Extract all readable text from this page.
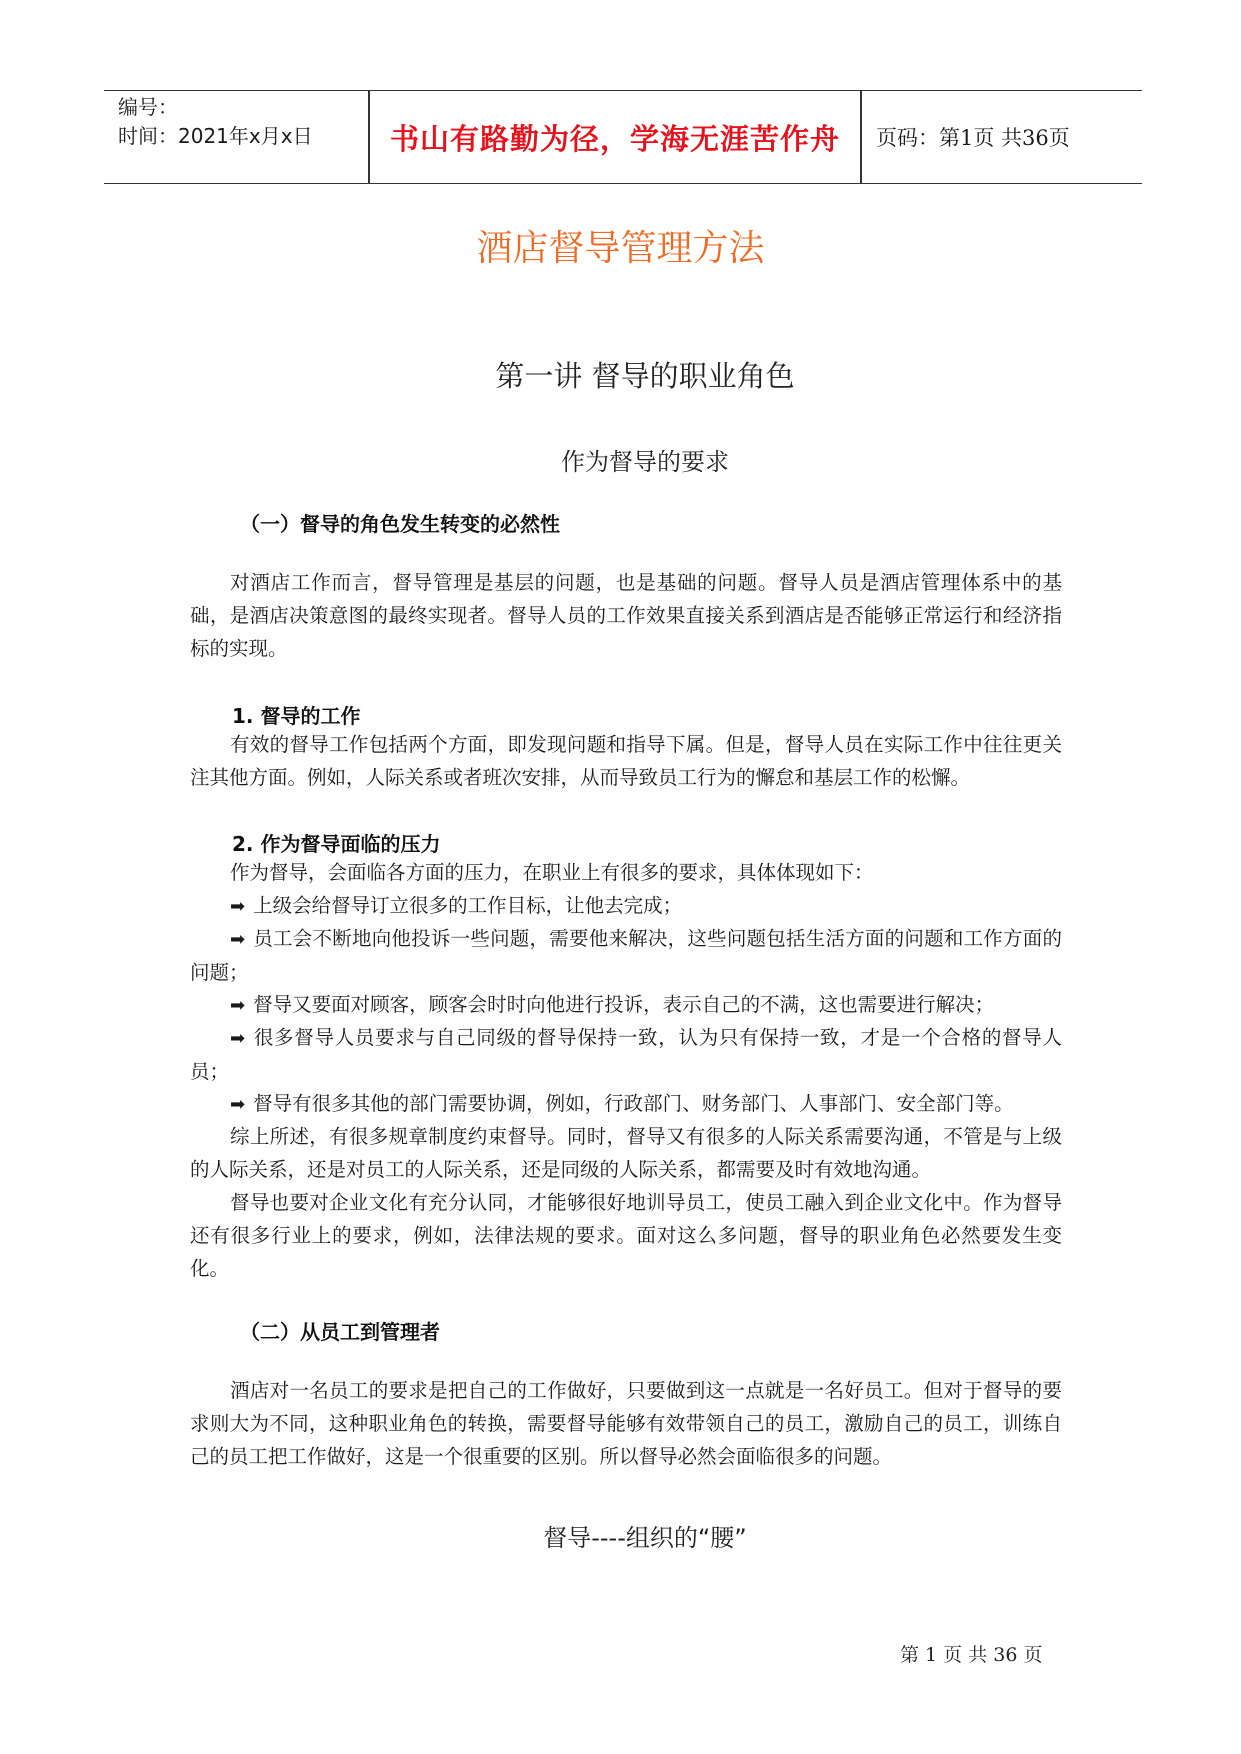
编号：
时间：2021年x月x日	书山有路勤为径，学海无涯苦作舟	页码：第1页 共36页
酒店督导管理方法
第一讲 督导的职业角色
作为督导的要求
（一）督导的角色发生转变的必然性
对酒店工作而言，督导管理是基层的问题，也是基础的问题。督导人员是酒店管理体系中的基础，是酒店决策意图的最终实现者。督导人员的工作效果直接关系到酒店是否能够正常运行和经济指标的实现。
1. 督导的工作
有效的督导工作包括两个方面，即发现问题和指导下属。但是，督导人员在实际工作中往往更关注其他方面。例如，人际关系或者班次安排，从而导致员工行为的懈怠和基层工作的松懈。
2. 作为督导面临的压力
作为督导，会面临各方面的压力，在职业上有很多的要求，具体体现如下：
➡ 上级会给督导订立很多的工作目标，让他去完成；
➡ 员工会不断地向他投诉一些问题，需要他来解决，这些问题包括生活方面的问题和工作方面的问题；
➡ 督导又要面对顾客，顾客会时时向他进行投诉，表示自己的不满，这也需要进行解决；
➡ 很多督导人员要求与自己同级的督导保持一致，认为只有保持一致，才是一个合格的督导人员；
➡ 督导有很多其他的部门需要协调，例如，行政部门、财务部门、人事部门、安全部门等。
综上所述，有很多规章制度约束督导。同时，督导又有很多的人际关系需要沟通，不管是与上级的人际关系，还是对员工的人际关系，还是同级的人际关系，都需要及时有效地沟通。
督导也要对企业文化有充分认同，才能够很好地训导员工，使员工融入到企业文化中。作为督导还有很多行业上的要求，例如，法律法规的要求。面对这么多问题，督导的职业角色必然要发生变化。
（二）从员工到管理者
酒店对一名员工的要求是把自己的工作做好，只要做到这一点就是一名好员工。但对于督导的要求则大为不同，这种职业角色的转换，需要督导能够有效带领自己的员工，激励自己的员工，训练自己的员工把工作做好，这是一个很重要的区别。所以督导必然会面临很多的问题。
督导----组织的“腰”
第 1 页 共 36 页
